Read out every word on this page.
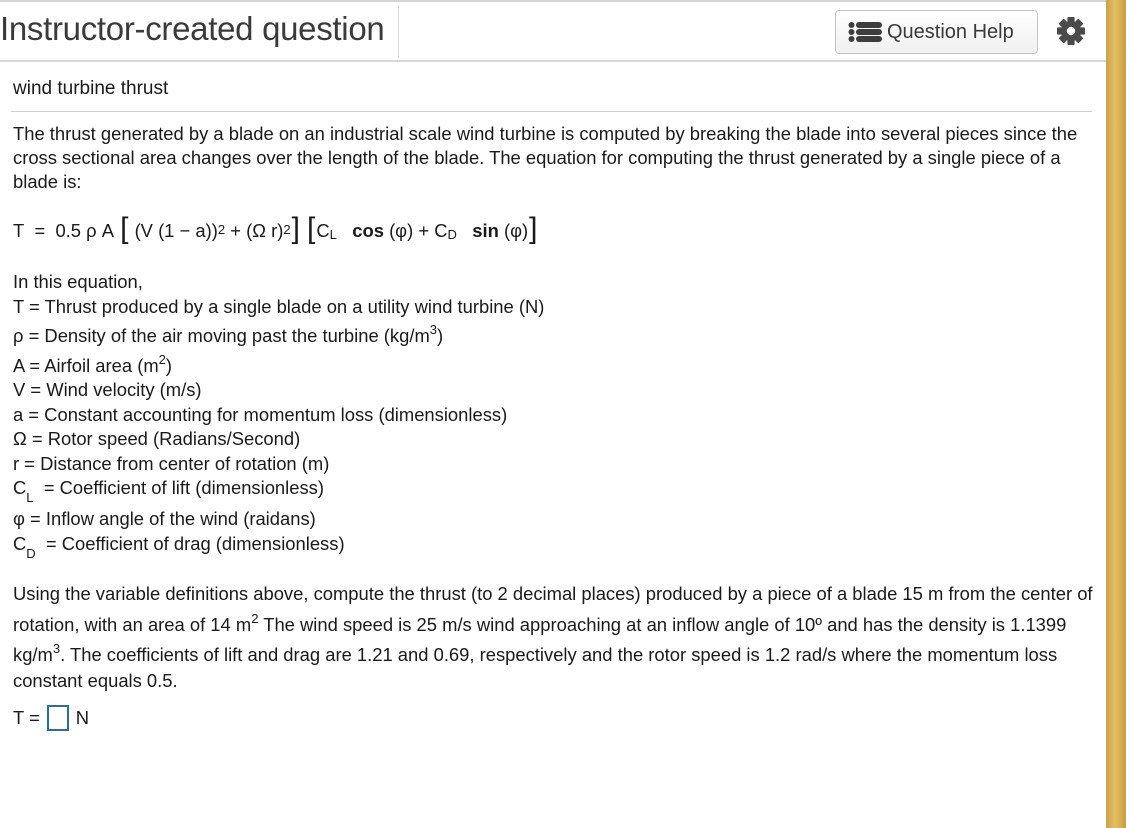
Instructor-created question	Question Help
wind turbine thrust

The thrust generated by a blade on an industrial scale wind turbine is computed by breaking the blade into several pieces since the cross sectional area changes over the length of the blade. The equation for computing the thrust generated by a single piece of a blade is:

T
=
0.5 ρ A
[
(V (1 − a))$^2$
+
(Ω r)$^2$ ]
[ $C_L$
cos
(φ)
+
$C_D$
sin
(φ) ]
In this equation,
T = Thrust produced by a single blade on a utility wind turbine (N)
ρ = Density of the air moving past the turbine $(kg/m^3)$
A = Airfoil area $(m^2)$
V = Wind velocity (m/s)
a = Constant accounting for momentum loss (dimensionless)
Ω = Rotor speed (Radians/Second)
r = Distance from center of rotation (m)
$C_L$  = Coefficient of lift (dimensionless)
φ = Inflow angle of the wind (raidans)
$C_D$  = Coefficient of drag (dimensionless)

Using the variable definitions above, compute the thrust (to 2 decimal places) produced by a piece of a blade 15 m from the center of rotation, with an area of 14 $m^2$ The wind speed is 25 m/s wind approaching at an inflow angle of 10º and has the density is 1.1399 $kg/m^3$. The coefficients of lift and drag are 1.21 and 0.69, respectively and the rotor speed is 1.2 rad/s where the momentum loss constant equals 0.5.

T = N
